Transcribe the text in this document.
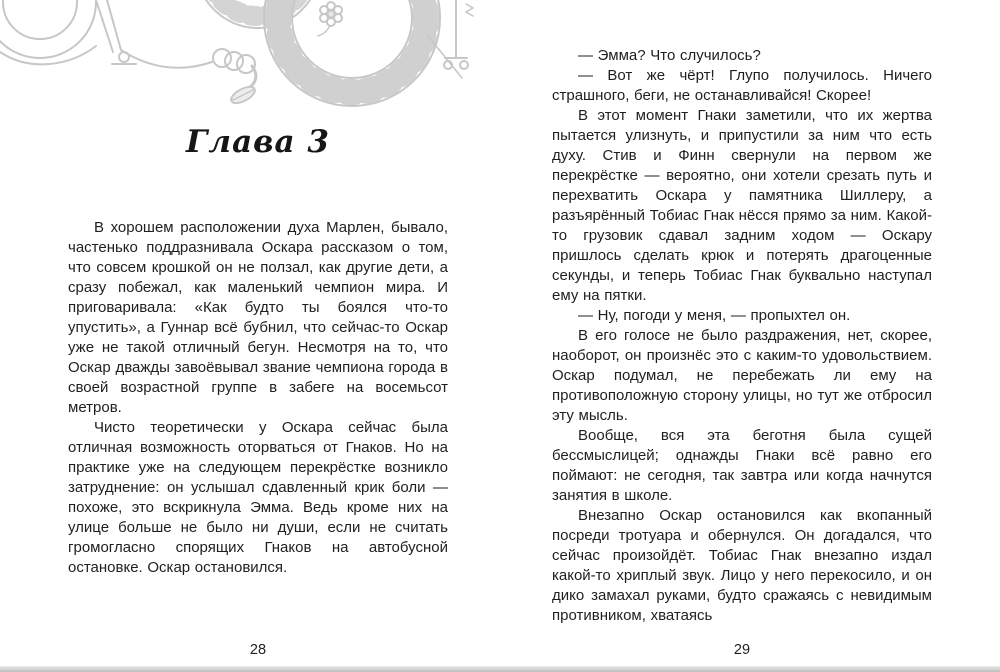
Глава 3

В хорошем расположении духа Марлен, бывало, частенько поддразнивала Оскара рассказом о том, что совсем крошкой он не ползал, как другие дети, а сразу побежал, как маленький чемпион мира. И приговаривала: «Как будто ты боялся что-то упустить», а Гуннар всё бубнил, что сейчас-то Оскар уже не такой отличный бегун. Несмотря на то, что Оскар дважды завоёвывал звание чемпиона города в своей возрастной группе в забеге на восемьсот метров.

Чисто теоретически у Оскара сейчас была отличная возможность оторваться от Гнаков. Но на практике уже на следующем перекрёстке возникло затруднение: он услышал сдавленный крик боли — похоже, это вскрикнула Эмма. Ведь кроме них на улице больше не было ни души, если не считать громогласно спорящих Гнаков на автобусной остановке. Оскар остановился.

28

— Эмма? Что случилось?

— Вот же чёрт! Глупо получилось. Ничего страшного, беги, не останавливайся! Скорее!

В этот момент Гнаки заметили, что их жертва пытается улизнуть, и припустили за ним что есть духу. Стив и Финн свернули на первом же перекрёстке — вероятно, они хотели срезать путь и перехватить Оскара у памятника Шиллеру, а разъярённый Тобиас Гнак нёсся прямо за ним. Какой-то грузовик сдавал задним ходом — Оскару пришлось сделать крюк и потерять драгоценные секунды, и теперь Тобиас Гнак буквально наступал ему на пятки.

— Ну, погоди у меня, — пропыхтел он.

В его голосе не было раздражения, нет, скорее, наоборот, он произнёс это с каким-то удовольствием. Оскар подумал, не перебежать ли ему на противоположную сторону улицы, но тут же отбросил эту мысль.

Вообще, вся эта беготня была сущей бессмыслицей; однажды Гнаки всё равно его поймают: не сегодня, так завтра или когда начнутся занятия в школе.

Внезапно Оскар остановился как вкопанный посреди тротуара и обернулся. Он догадался, что сейчас произойдёт. Тобиас Гнак внезапно издал какой-то хриплый звук. Лицо у него перекосило, и он дико замахал руками, будто сражаясь с невидимым противником, хватаясь

29
